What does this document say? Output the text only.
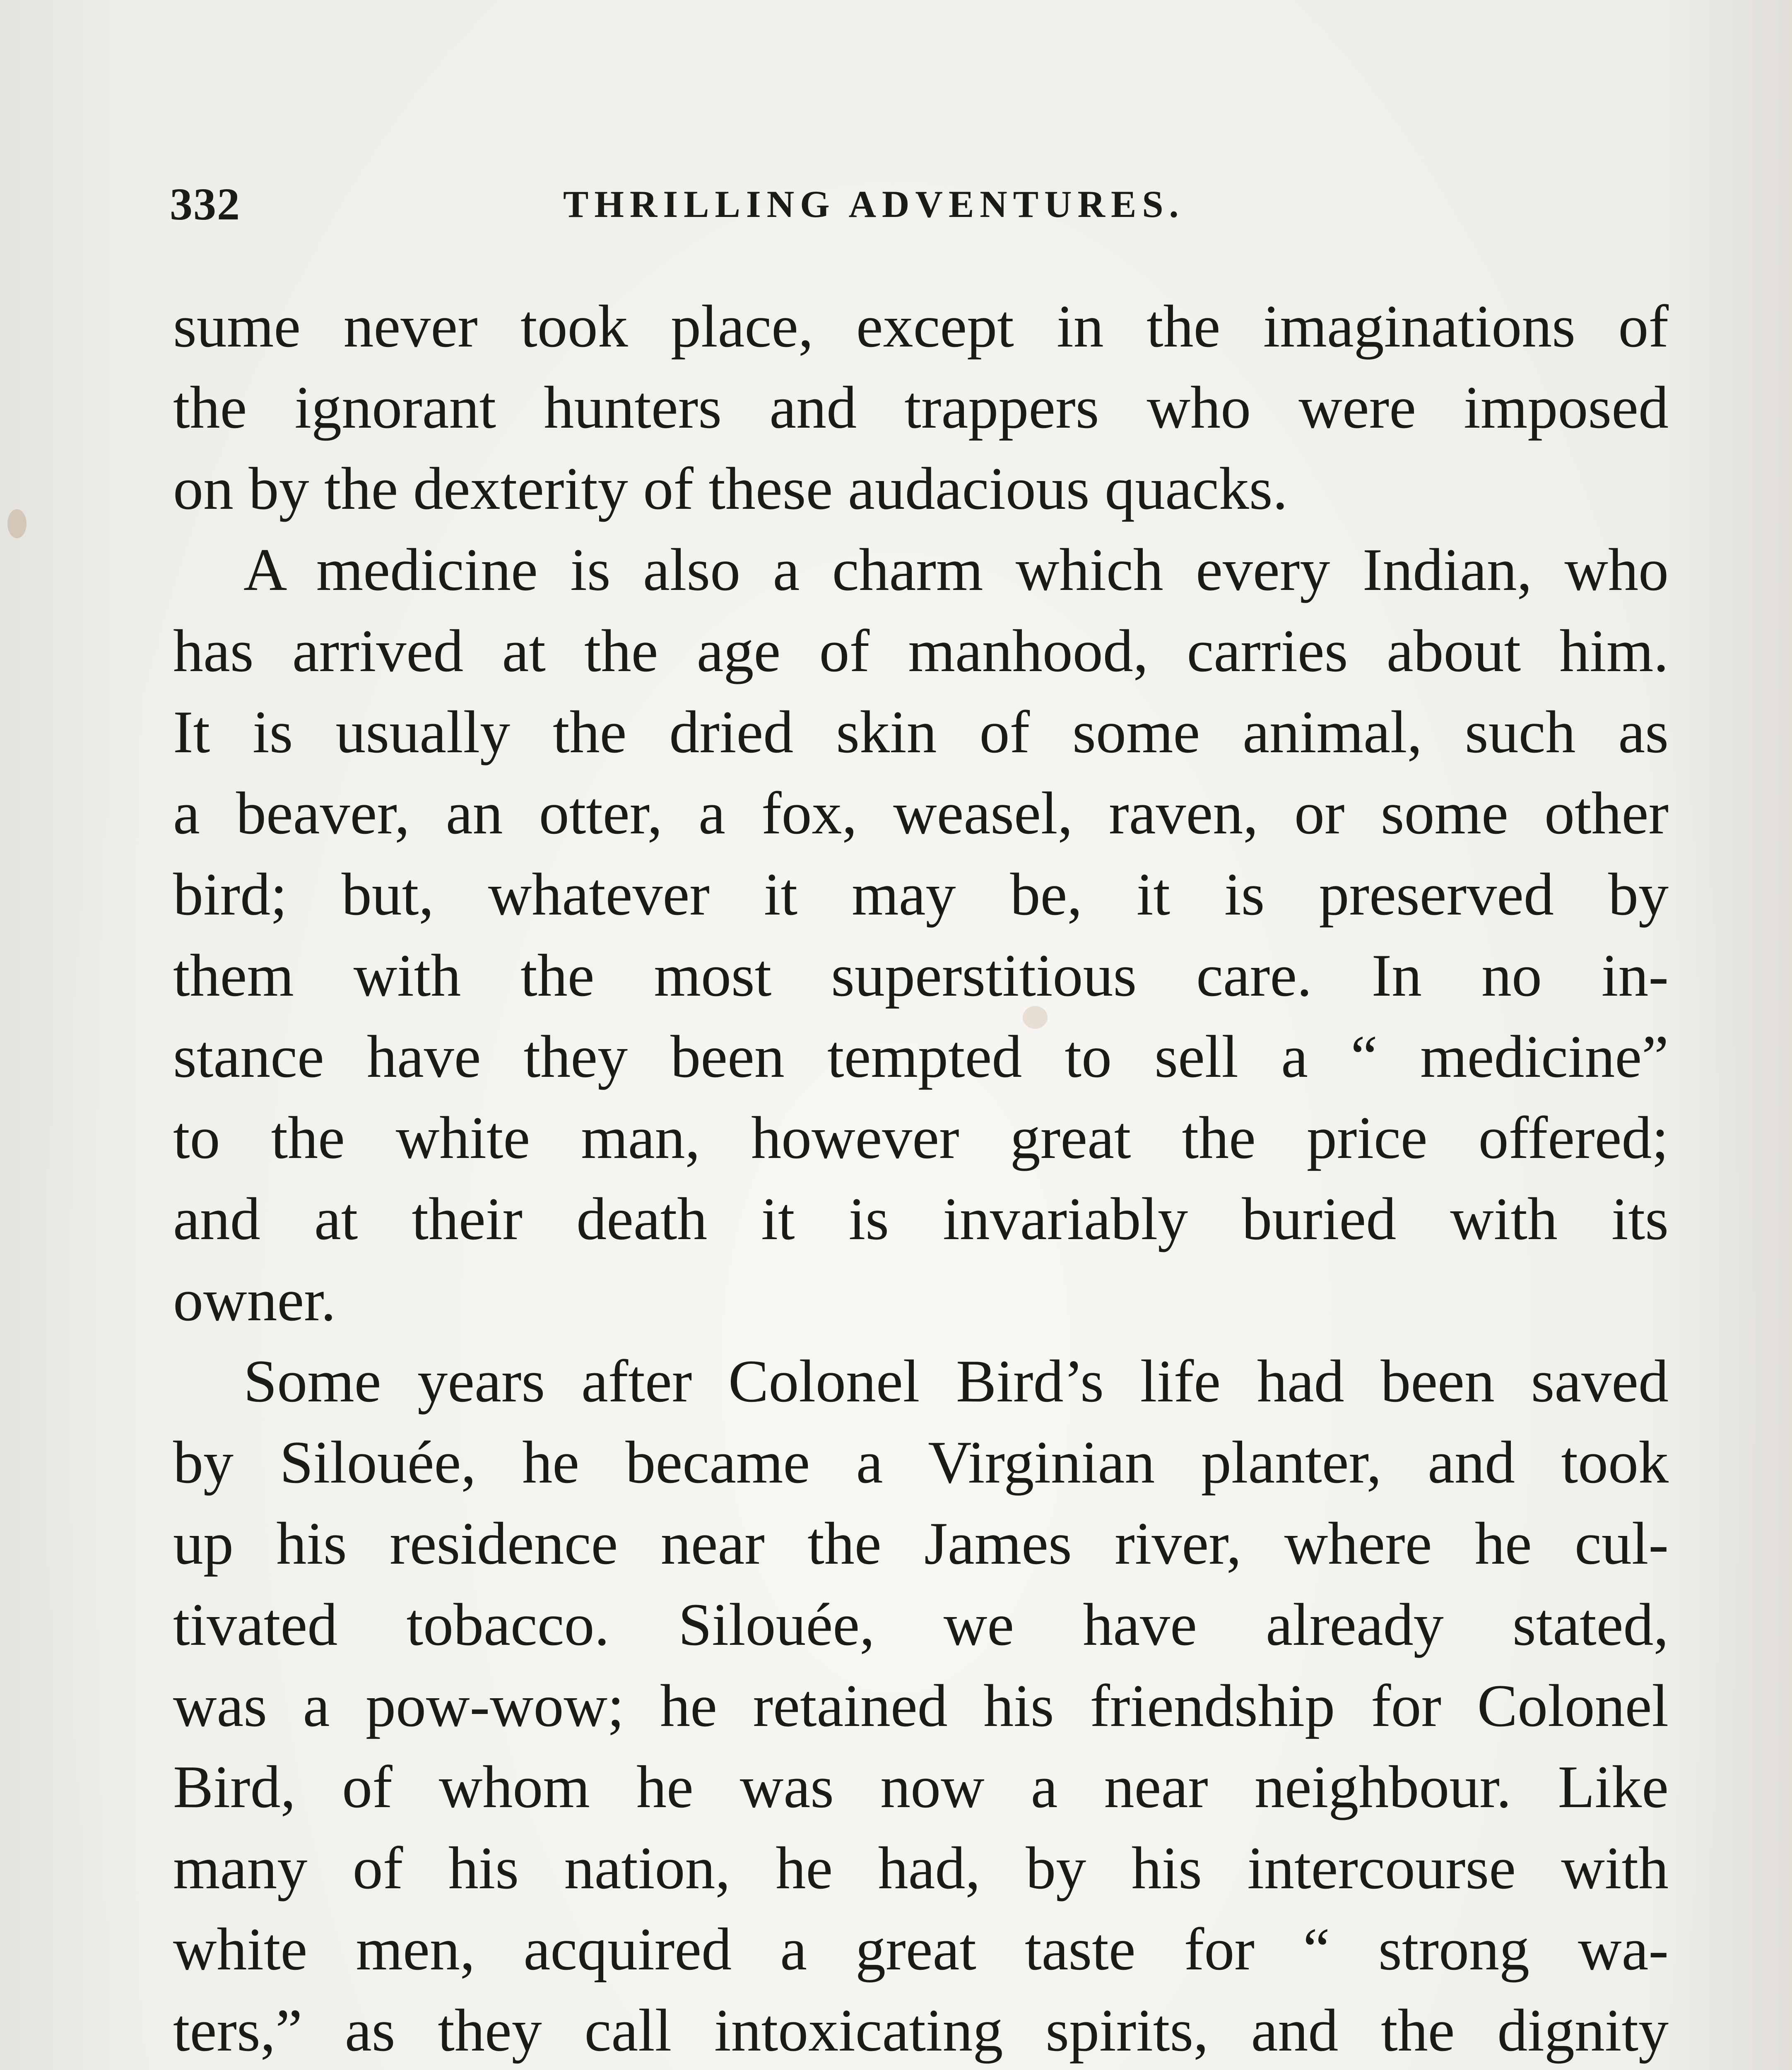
332	THRILLING ADVENTURES.
sume never took place, except in the imaginations of
the ignorant hunters and trappers who were imposed
on by the dexterity of these audacious quacks.
A medicine is also a charm which every Indian, who
has arrived at the age of manhood, carries about him.
It is usually the dried skin of some animal, such as
a beaver, an otter, a fox, weasel, raven, or some other
bird; but, whatever it may be, it is preserved by
them with the most superstitious care. In no in-
stance have they been tempted to sell a “ medicine”
to the white man, however great the price offered;
and at their death it is invariably buried with its
owner.
Some years after Colonel Bird’s life had been saved
by Silouée, he became a Virginian planter, and took
up his residence near the James river, where he cul-
tivated tobacco. Silouée, we have already stated,
was a pow-wow; he retained his friendship for Colonel
Bird, of whom he was now a near neighbour. Like
many of his nation, he had, by his intercourse with
white men, acquired a great taste for “ strong wa-
ters,” as they call intoxicating spirits, and the dignity
